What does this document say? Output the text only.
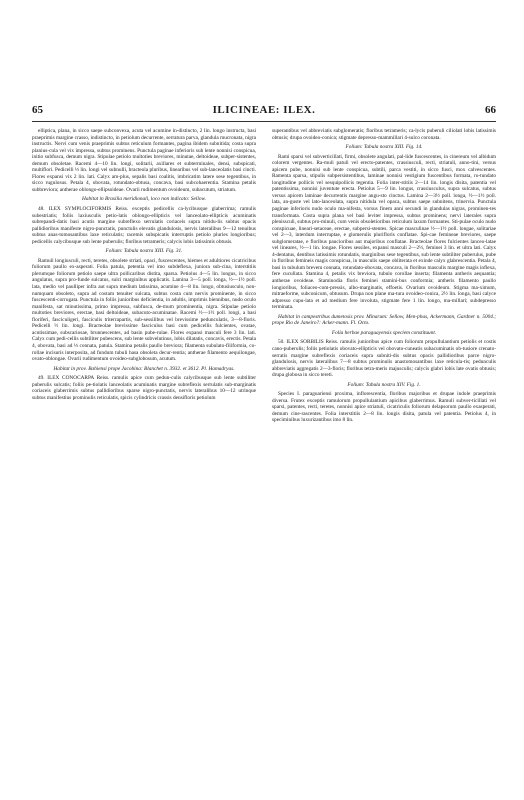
65	ILICINEAE: ILEX.	66

elliptica, plana, in sicco saepe subconvexa, acuta vel acumine in-distincto, 2 lin. longo instructa, basi praeprimis margine crasso, indistincto, in petiolum decurrente, serratura parva, glandula mucronata, nigra instructis. Nervi cum venis praeprimis subtus reticulum formantes, pagina ibidem subnitida; costa supra planius-cula vel vix impressa, subtus prominens. Punctula paginae inferioris sub lente nonnisi conspicua, initio subfusca, demum nigra. Stipulae petiolo multoties breviores, minutae, deltoideae, subper-sistentes, demum obsoletae. Racemi 4—10 lin. longi, solitarii, axillares et subterminales, densi, subspicati, multiflori. Pedicelli ⅓ lin. longi vel subnulli, bracteola pluribus, linearibus vel sub-lanceolatis basi cincti. Flores expansi vix 2 lin. lati. Calyx am-plus, sepalis basi coalitis, imbricatim latere sese tegentibus, in sicco rugulosus. Petala 4, obovata, rotundato-obtusa, concava, basi subcohaerentia. Stamina petalis subbreviora; antherae oblongo-ellipsoideae. Ovarii rudimentum ovoideum, subacutum, striatum.

Habitat in Brasilia meridionali, loco non indicato: Sellow.

48. ILEX SYMPLOCIFORMIS Reiss. exceptis pedicellis ca-lycibusque glaberrima; ramulis subestriatis; foliis laxiusculis petio-latis oblongo-ellipticis vel lanceolato-ellipticis acuminatis subrepandi-datis basi acutis margine subreflexo serrulatis coriaceis supra nitidu-lis subtus opacis pallidioribus manifeste nigro-punctatis, punctulis elevatis glandulosis, nervis lateralibus 9—12 tenuibus subtus anas-tomosantibus laxe reticulatis; racemis subspicatis interruptis petiolo pluries longioribus; pedicellis calycibusque sub lente puberulis; floribus tetrameris; calycis lobis latissimis obtusis.

Folium: Tabula nostra XIII. Fig. 31.

Ramuli longiusculi, recti, teretes, obsolete striati, opaci, fuscescentes, hiemes et adultiores cicatricibus foliorum paullo ex-asperati. Folia patula, petentia vel imo subdeflexa, juniora sub-cina, interstitiis plerumque foliorum petiolo saepe ultra pollicaribus distita, sparsa. Petiolus 4—5 lin. longus, in sicco angulatus, supra pro-funde sulcatus, sulci marginibus applicatis. Lamina 3—5 poll. longa, ½—1½ poll. lata, medio vel paulliper infra aut supra medium latissima, acumine 4—8 lin. longo, obtusiusculo, non-numquam obsoleto, supra ad costam tenuiter sulcata, subtus costa cum nervis prominente, in sicco fuscescenti-corrugata. Punctula in foliis junioribus deficientia, in adultis, imprimis biennibus, nudo oculo manifesta, sat minutissima, primo impressa, subfusca, de-mum prominentia, nigra. Stipulae petiolo multoties breviores, erectae, basi deltoideae, subacuto-acuminatae. Racemi ½—1½ poll. longi, a basi floriferi, fasciculigeri, fasciculis triterrapartis, sub-sessilibus vel brevissime pedunculatis, 3—8-floris. Pedicelli ½ lin. longi. Bracteolae brevissime fasciculus basi cum pedicellis fulcientes, ovatae, acutissimae, subscariosae, brunnescentes, ad basin pube-rulae. Flores expansi masculi fere 3 lin. lati. Calyx cum pedi-cellis subtiliter pubescens, sub lente subvelutinus, lobis dilatatis, concavis, erectis. Petala 4, obovata, basi ad ⅓ connata, patula. Stamina petalis paullo breviora; filamenta subulato-filiformia, co-rollae incisuris interposita, ad fundum tubuli basa obsoleta decur-rentia; antherae filamento aequilongae, ovato-oblongae. Ovarii rudimentum ovoideo-subglobosum, acutum.

Habitat in prov. Bahiensi prope Jacobina: Blanchet n. 3932. et 3612. Pl. Hamadryas.

49. ILEX CONOCARPA Reiss. ramulis apice cum pedun-culis calycibusque sub lente subtiliter puberulis sulcatis; foliis pe-tiolatis lanceolatis acuminatis margine subreflexis serrulatis sub-marginatis coriaceis glaberrimis subtus pallidioribus sparse nigro-punctatis, nervis lateralibus 10—12 utrinque subtus manifestius prominulis reticulatis, spicis cylindricis crassis densifloris petiolum

superantibus vel abbreviatis subglomeratis; floribus tetrameris; ca-lycis puberuli ciliolati lobis latissimis obtusis; drupa ovoideo-conica; stigmate depresso-mammillari 4-sulco coronata.

Folium: Tabula nostra XIII. Fig. 14.

Rami sparsi vel subverticillati, firmi, obsolete angulati, pal-lide fuscescentes, in cinereum vel albidum colorem vergentes. Ra-muli patuli vel erecto-patentes, crassiusculi, recti, striatuli, anno-tini, versus apicem pube, nonnisi sub lente conspicua, subtili, parca vestiti, in sicco fusci, mox calvescentes. Ramenta sparsa, stipulis subpersistentibus, laminae nonnisi vestigium fuscentibus formata, ro-tundato longitudine pollicis vel sesquipollicis tegentia. Folia inter-stitiis 2—14 lin. longis disita, patentia vel patentissima, nonnisi juventute erecta. Petiolus 5—9 lin. longus, crassiusculus, supra sulcatus, subtus versus apicem laminae decurrentis margine angu-sto cinctus. Lamina 2—3½ poll. longa, ½—1½ poll. lata, an-guste vel lato-lanceolata, supra nitidula vel opaca, subtus saepe subnitens, trinervia. Punctula paginae inferioris nudo oculo ma-nifesta, vorsus finem anni secundi in glandulas nigras, prominen-tes transformata. Costa supra plana vel basi leviter impressa, subtus prominens; nervi laterales supra plenissculi, subtus pro-minuli, cum venis obsoletioribus reticulum laxum formantes. Sti-pulae oculo nudo conspicuae, lineari-setaceae, erectae, subpersi-stentes. Spicae masculinae ½—1½ poll. longae, solitariae vel 2—3, interdum interruptae, e glomerulis plurifloris conflatae. Spi-cae femineae breviores, saepe subglomeratae, e floribus paucioribus aut majoribus conflatae. Bracteolae flores fulcientes lanceo-latae vel lineares, ½—1 lin. longae. Flores sessiles, expansi masculi 2—2½, feminei 3 lin. et ultra lati. Calyx 4-dentatus, dentibus latissimis rotundatis, marginibus sese tegentibus, sub lente subtiliter puberulus, pube in floribus femineis magis conspicua, in masculis saepe obliterata et exinde calyx glabrescentia. Petala 4, basi in tubulum brevem connata, rotundato-obovata, concava, in floribus masculis margine magis inflexa, fere cucullata. Stamina 4, petalis vix breviora, tubulo corollae inserta; filamenta antheris aequantia; antherae ovoideae. Staminodia floris feminei stamini-bus conformia; antheris filamento paullo longioribus, foliaceo-com-pressis, albo-marginatis, effoetis. Ovarium ovoideum. Stigma ma-ximum, mitraeforme, subconicum, obtusum. Drupa non plane ma-tura ovoideo-conica, 2½ lin. longa, basi calyce adpresso cupu-lata et ad medium fere involuta, stigmate fere 1 lin. longo, ma-millari; subdepresso terminata.

Habitat in campestribus dumetosis prov. Minarum: Sellow, Men-phas, Ackermann, Gardner n. 5004.; prope Rio de Janeiro?: Acker-mann. Fl. Octo.

Folia herbae paraguayensis speciem constituunt.

50. ILEX SORBILIS Reiss. ramulis junioribus apice cum foliorum propullulantium petiolis et costis cano-puberulis; foliis petiolatis obovato-ellipticis vel obovato-cuneatis subacuminatis ob-tusiore crenato-serratis margine subreflexis coriaceis supra subniti-dis subtus opacis pallidioribus parce nigro-glandulosis, nervis lateralibus 7—8 subtus prominulis anastomosantibus laxe reticula-tis; pedunculis abbreviatis aggregatis 2—3-floris; floribus tetra-meris majusculis; calycis glabri lobis late ovatis obtusis; drupa globosa in sicco tereti.

Folium: Tabula nostra XIV. Fig. 1.

Species I. paraguariensi proxima, inflorescentia, floribus majoribus et drupae indole praeprimis diversa. Frutex exceptis ramulorum propullulantium apicibus glaberrimus. Ramuli subver-ticillati vel sparsi, patentes, recti, teretes, nonnisi apice striatuli, cicatriculis foliorum delapsorum paullo exasperati, demum cine-rascentes. Folia interstitiis 2—8 lin. longis disita, patula vel patentia. Petiolus 4, in speciminibus luxurizantibus imo 8 lin.
